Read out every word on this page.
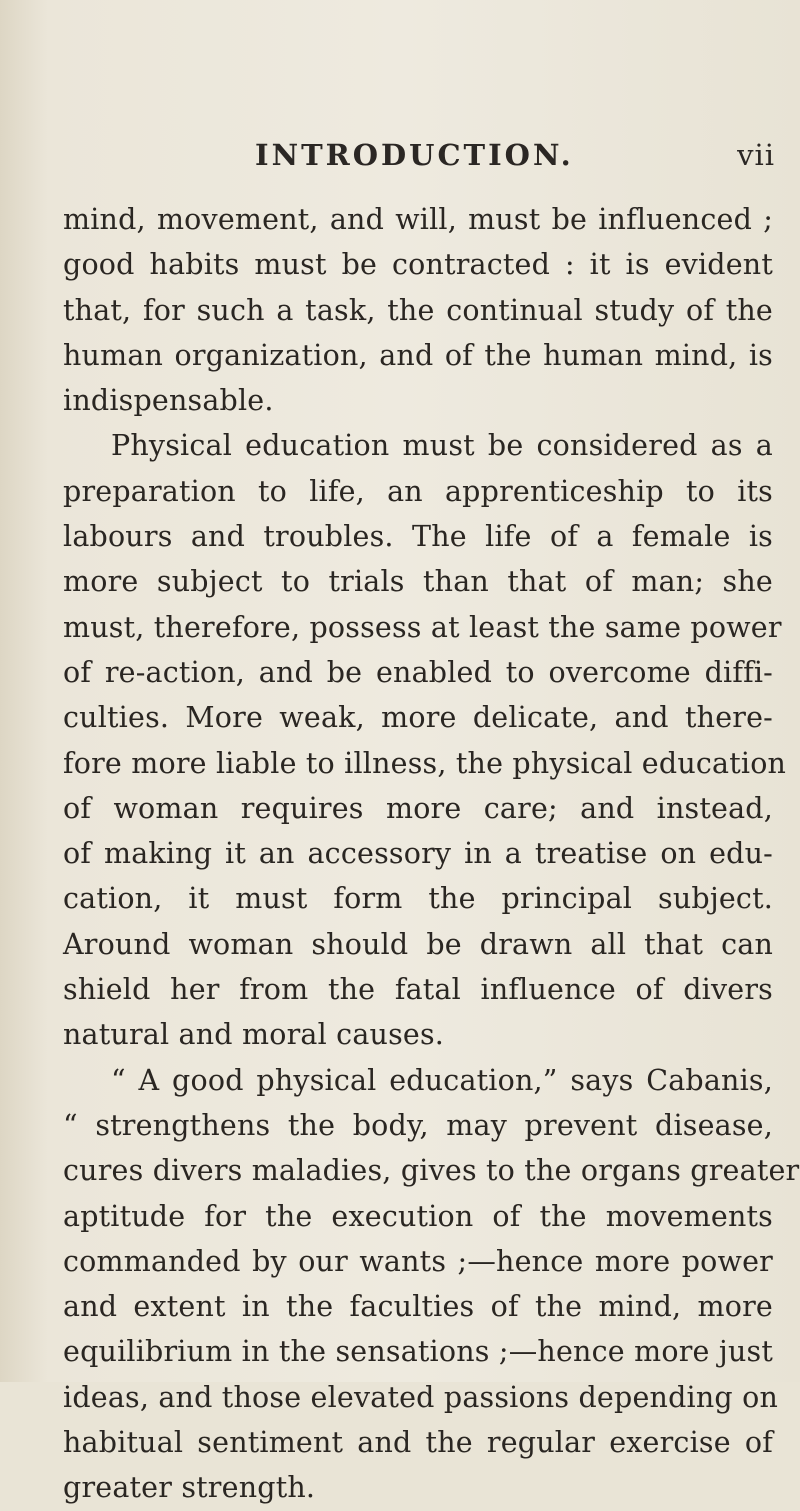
INTRODUCTION.	vii
mind, movement, and will, must be influenced ;
good habits must be contracted : it is evident
that, for such a task, the continual study of the
human organization, and of the human mind, is
indispensable.
Physical education must be considered as a
preparation to life, an apprenticeship to its
labours and troubles. The life of a female is
more subject to trials than that of man; she
must, therefore, possess at least the same power
of re-action, and be enabled to overcome diffi-
culties. More weak, more delicate, and there-
fore more liable to illness, the physical education
of woman requires more care; and instead,
of making it an accessory in a treatise on edu-
cation, it must form the principal subject.
Around woman should be drawn all that can
shield her from the fatal influence of divers
natural and moral causes.
“ A good physical education,” says Cabanis,
“ strengthens the body, may prevent disease,
cures divers maladies, gives to the organs greater
aptitude for the execution of the movements
commanded by our wants ;—hence more power
and extent in the faculties of the mind, more
equilibrium in the sensations ;—hence more just
ideas, and those elevated passions depending on
habitual sentiment and the regular exercise of
greater strength.
